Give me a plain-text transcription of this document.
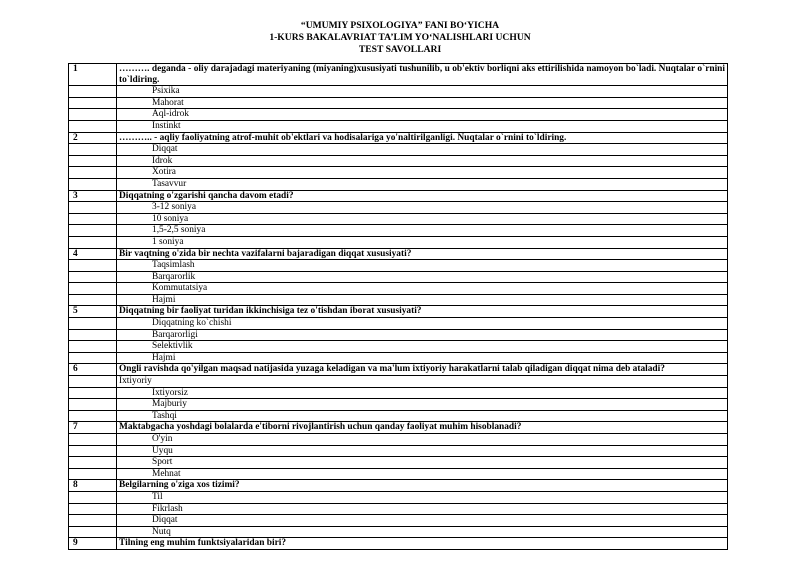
“UMUMIY PSIXOLOGIYA” FANI BO‘YICHA
1-KURS BAKALAVRIAT TA’LIM YO‘NALISHLARI UCHUN
TEST SAVOLLARI
1	………. deganda - oliy darajadagi materiyaning (miyaning)xususiyati tushunilib, u ob'ektiv borliqni aks ettirilishida namoyon bo`ladi. Nuqtalar o`rnini to`ldiring.
	Psixika
	Mahorat
	Aql-idrok
	Instinkt
2	……….. - aqliy faoliyatning atrof-muhit ob'ektlari va hodisalariga yo'naltirilganligi. Nuqtalar o`rnini to`ldiring.
	Diqqat
	Idrok
	Xotira
	Tasavvur
3	Diqqatning o'zgarishi qancha davom etadi?
	3-12 soniya
	10 soniya
	1,5-2,5 soniya
	1 soniya
4	Bir vaqtning o'zida bir nechta vazifalarni bajaradigan diqqat xususiyati?
	Taqsimlash
	Barqarorlik
	Kommutatsiya
	Hajmi
5	Diqqatning bir faoliyat turidan ikkinchisiga tez o'tishdan iborat xususiyati?
	Diqqatning ko`chishi
	Barqarorligi
	Selektivlik
	Hajmi
6	Ongli ravishda qo'yilgan maqsad natijasida yuzaga keladigan va ma'lum ixtiyoriy harakatlarni talab qiladigan diqqat nima deb ataladi?
	Ixtiyoriy
	Ixtiyorsiz
	Majburiy
	Tashqi
7	Maktabgacha yoshdagi bolalarda e'tiborni rivojlantirish uchun qanday faoliyat muhim hisoblanadi?
	O'yin
	Uyqu
	Sport
	Mehnat
8	Belgilarning o'ziga xos tizimi?
	Til
	Fikrlash
	Diqqat
	Nutq
9	Tilning eng muhim funktsiyalaridan biri?
